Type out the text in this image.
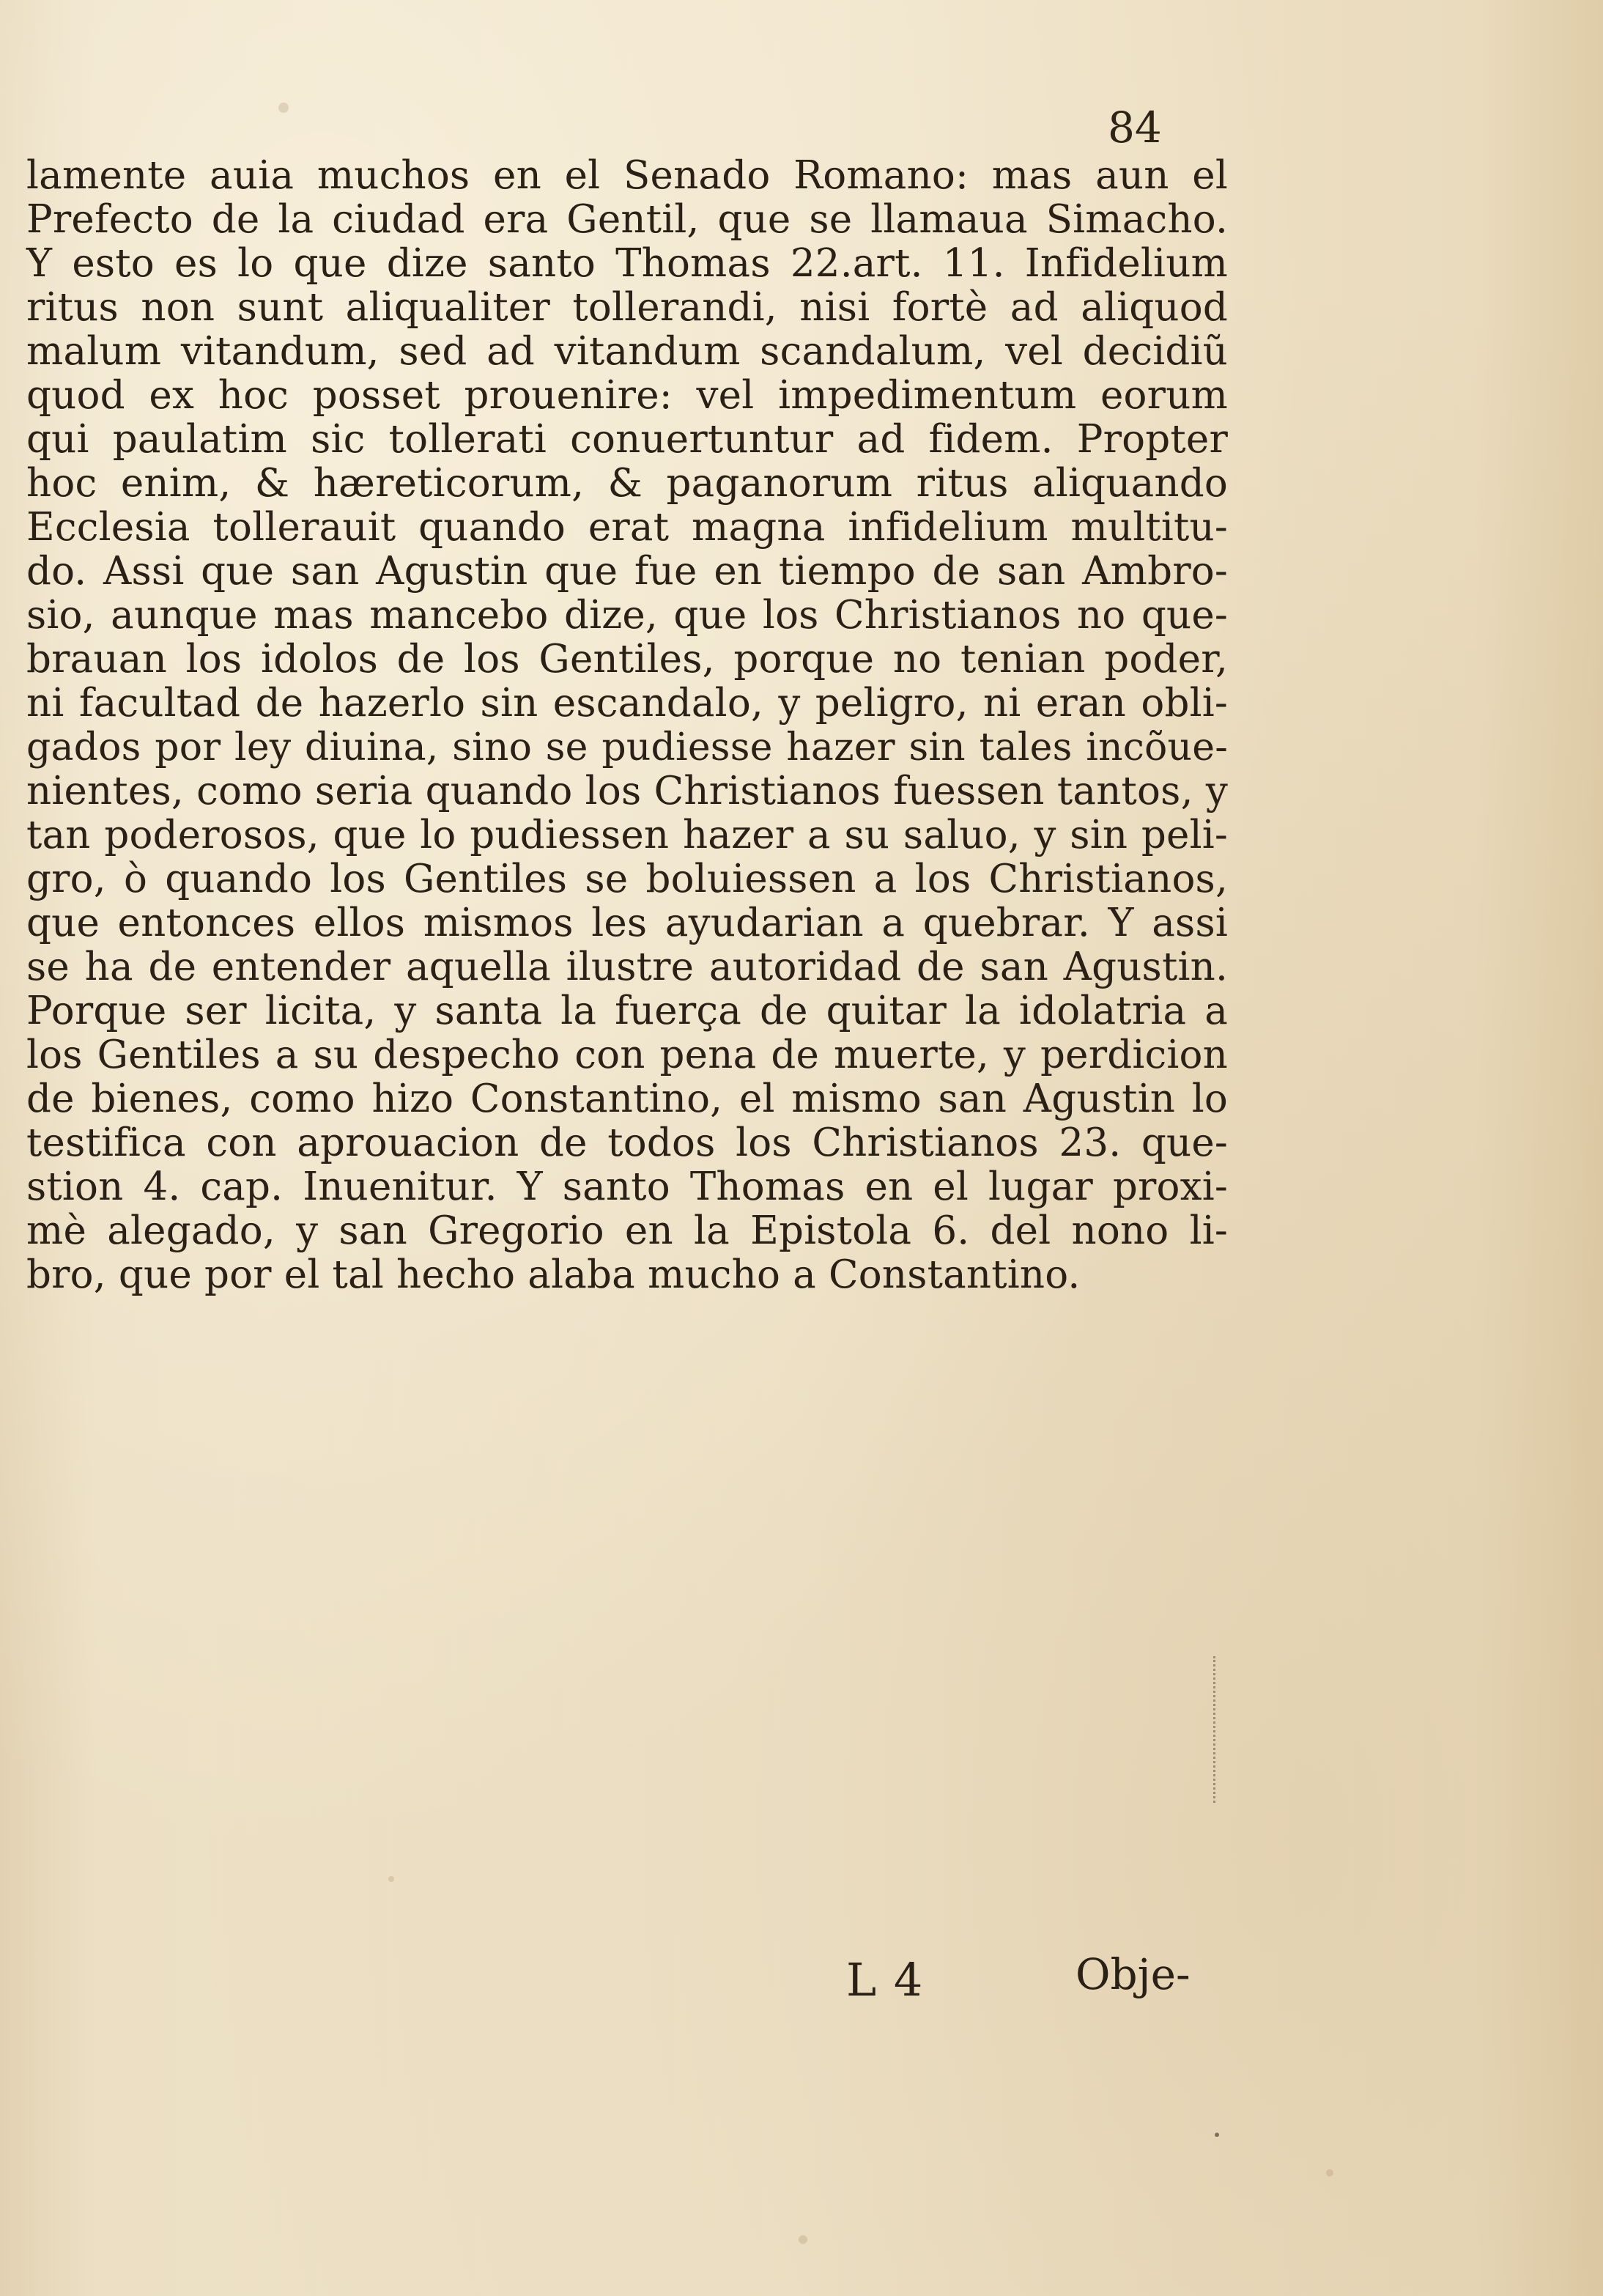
84
lamente auia muchos en el Senado Romano: mas aun el
Prefecto de la ciudad era Gentil, que se llamaua Simacho.
Y esto es lo que dize santo Thomas 22.art. 11. Infidelium
ritus non sunt aliqualiter tollerandi, nisi fortè ad aliquod
malum vitandum, sed ad vitandum scandalum, vel decidiũ
quod ex hoc posset prouenire: vel impedimentum eorum
qui paulatim sic tollerati conuertuntur ad fidem. Propter
hoc enim, & hæreticorum, & paganorum ritus aliquando
Ecclesia tollerauit quando erat magna infidelium multitu-
do. Assi que san Agustin que fue en tiempo de san Ambro-
sio, aunque mas mancebo dize, que los Christianos no que-
brauan los idolos de los Gentiles, porque no tenian poder,
ni facultad de hazerlo sin escandalo, y peligro, ni eran obli-
gados por ley diuina, sino se pudiesse hazer sin tales incõue-
nientes, como seria quando los Christianos fuessen tantos, y
tan poderosos, que lo pudiessen hazer a su saluo, y sin peli-
gro, ò quando los Gentiles se boluiessen a los Christianos,
que entonces ellos mismos les ayudarian a quebrar. Y assi
se ha de entender aquella ilustre autoridad de san Agustin.
Porque ser licita, y santa la fuerça de quitar la idolatria a
los Gentiles a su despecho con pena de muerte, y perdicion
de bienes, como hizo Constantino, el mismo san Agustin lo
testifica con aprouacion de todos los Christianos 23. que-
stion 4. cap. Inuenitur. Y santo Thomas en el lugar proxi-
mè alegado, y san Gregorio en la Epistola 6. del nono li-
bro, que por el tal hecho alaba mucho a Constantino.
L 4	Obje-
